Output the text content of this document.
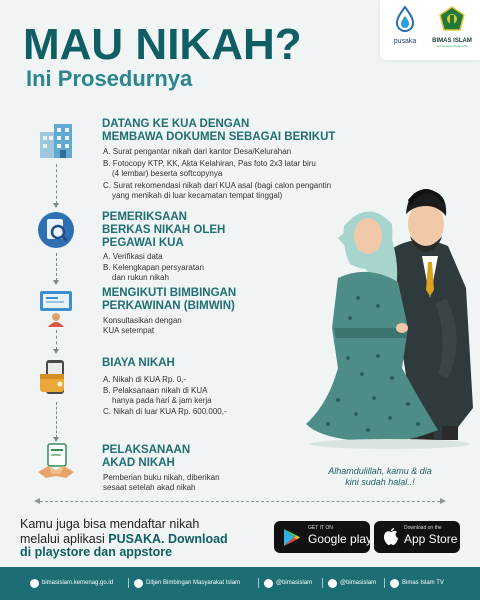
pusaka	BIMAS ISLAM
Kementerian Agama RI
MAU NIKAH?
Ini Prosedurnya
DATANG KE KUA DENGAN
MEMBAWA DOKUMEN SEBAGAI BERIKUT
A. Surat pengantar nikah dari kantor Desa/Kelurahan
B. Fotocopy KTP, KK, Akta Kelahiran, Pas foto 2x3 latar biru
(4 lembar) beserta softcopynya
C. Surat rekomendasi nikah dari KUA asal (bagi calon pengantin
yang menikah di luar kecamatan tempat tinggal)
PEMERIKSAAN
BERKAS NIKAH OLEH
PEGAWAI KUA
A. Verifikasi data
B. Kelengkapan persyaratan
dan rukun nikah
MENGIKUTI BIMBINGAN
PERKAWINAN (BIMWIN)
Konsultasikan dengan
KUA setempat
BIAYA NIKAH
A. Nikah di KUA Rp. 0,-
B. Pelaksanaan nikah di KUA
hanya pada hari & jam kerja
C. Nikah di luar KUA Rp. 600.000,-
PELAKSANAAN
AKAD NIKAH
Pemberian buku nikah, diberikan
sesaat setelah akad nikah
Alhamdulillah, kamu & dia
kini sudah halal..!
Kamu juga bisa mendaftar nikah
melalui aplikasi PUSAKA. Download
di playstore dan appstore
GET IT ON
Google play
Download on the
App Store
bimasislam.kemenag.go.id	Ditjen Bimbingan Masyarakat Islam	@bimasislam	@bimasislam	Bimas Islam TV
